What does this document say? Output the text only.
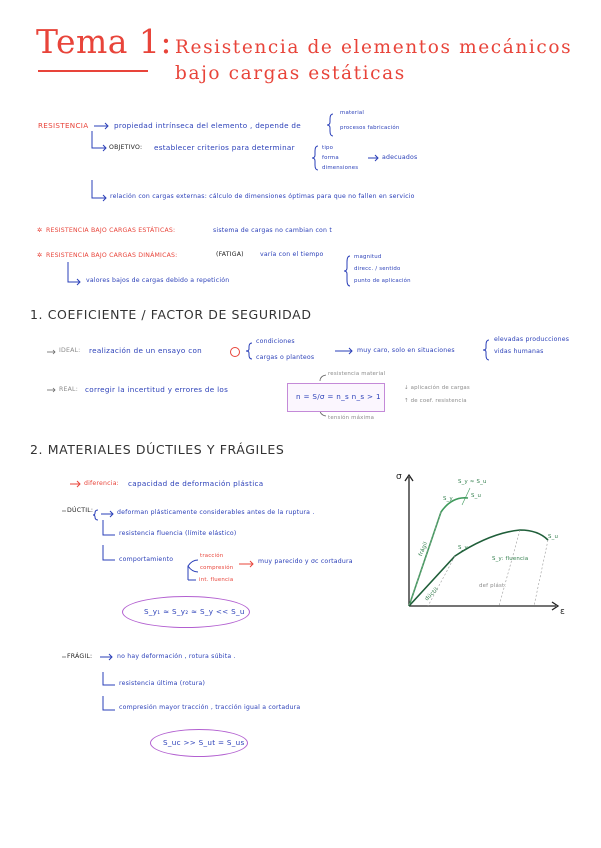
Tema 1: Resistencia de elementos mecánicos
bajo cargas estáticas
RESISTENCIA	propiedad intrínseca del elemento , depende de
material
procesos fabricación
OBJETIVO: establecer criterios para determinar	tipo
forma
dimensiones
adecuados
relación con cargas externas: cálculo de dimensiones óptimas para que no fallen en servicio
✲ RESISTENCIA BAJO CARGAS ESTÁTICAS:	sistema de cargas no cambian con t
✲ RESISTENCIA BAJO CARGAS DINÁMICAS:	(FATIGA)	varía con el tiempo	magnitud
direcc. / sentido
punto de aplicación
valores bajos de cargas debido a repetición
1. COEFICIENTE / FACTOR DE SEGURIDAD
IDEAL: realización de un ensayo con
condiciones
cargas o planteos
muy caro, solo en situaciones	vidas humanas
elevadas producciones
REAL: corregir la incertitud y errores de los
n = S/σ = n_s n_s > 1
resistencia material
tensión máxima
↓ aplicación de cargas
↑ de coef. resistencia
2. MATERIALES DÚCTILES Y FRÁGILES
diferencia: capacidad de deformación plástica
DÚCTIL:	deforman plásticamente considerables antes de la ruptura .
resistencia fluencia (límite elástico)
comportamiento	tracción
compresión
int. fluencia
muy parecido y σc cortadura
S_y₁ ≈ S_y₂ ≈ S_y << S_u
FRÁGIL:	no hay deformación , rotura súbita .
resistencia última (rotura)
compresión mayor tracción , tracción igual a cortadura
S_uc >> S_ut = S_us
σ
ε
S_y ≈ S_u
S_y	S_u
S_y
S_y: fluencia
S_u
frágil
dúctil
def plást.
